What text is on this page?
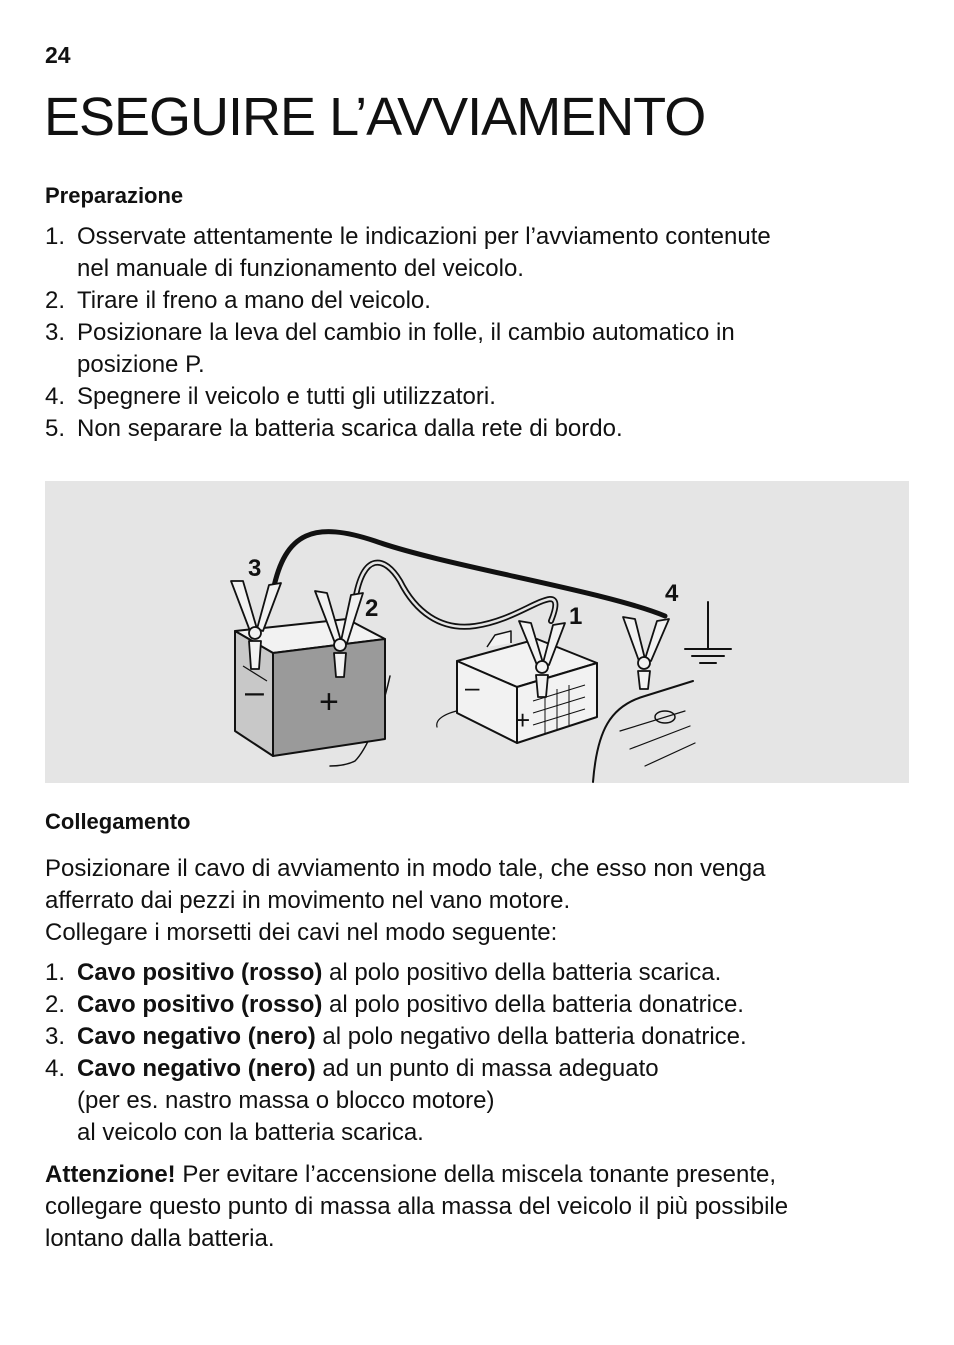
24
ESEGUIRE L’AVVIAMENTO
Preparazione
1. Osservate attentamente le indicazioni per l’avviamento contenute nel manuale di funzionamento del veicolo.
2. Tirare il freno a mano del veicolo.
3. Posizionare la leva del cambio in folle, il cambio automatico in posizione P.
4. Spegnere il veicolo e tutti gli utilizzatori.
5. Non separare la batteria scarica dalla rete di bordo.
3
2	1
4
– +	–
+
Collegamento

Posizionare il cavo di avviamento in modo tale, che esso non venga afferrato dai pezzi in movimento nel vano motore.

Collegare i morsetti dei cavi nel modo seguente:

1. Cavo positivo (rosso) al polo positivo della batteria scarica.
2. Cavo positivo (rosso) al polo positivo della batteria donatrice.
3. Cavo negativo (nero) al polo negativo della batteria donatrice.
4. Cavo negativo (nero) ad un punto di massa adeguato
(per es. nastro massa o blocco motore)
al veicolo con la batteria scarica.

Attenzione! Per evitare l’accensione della miscela tonante presente, collegare questo punto di massa alla massa del veicolo il più possibile lontano dalla batteria.
